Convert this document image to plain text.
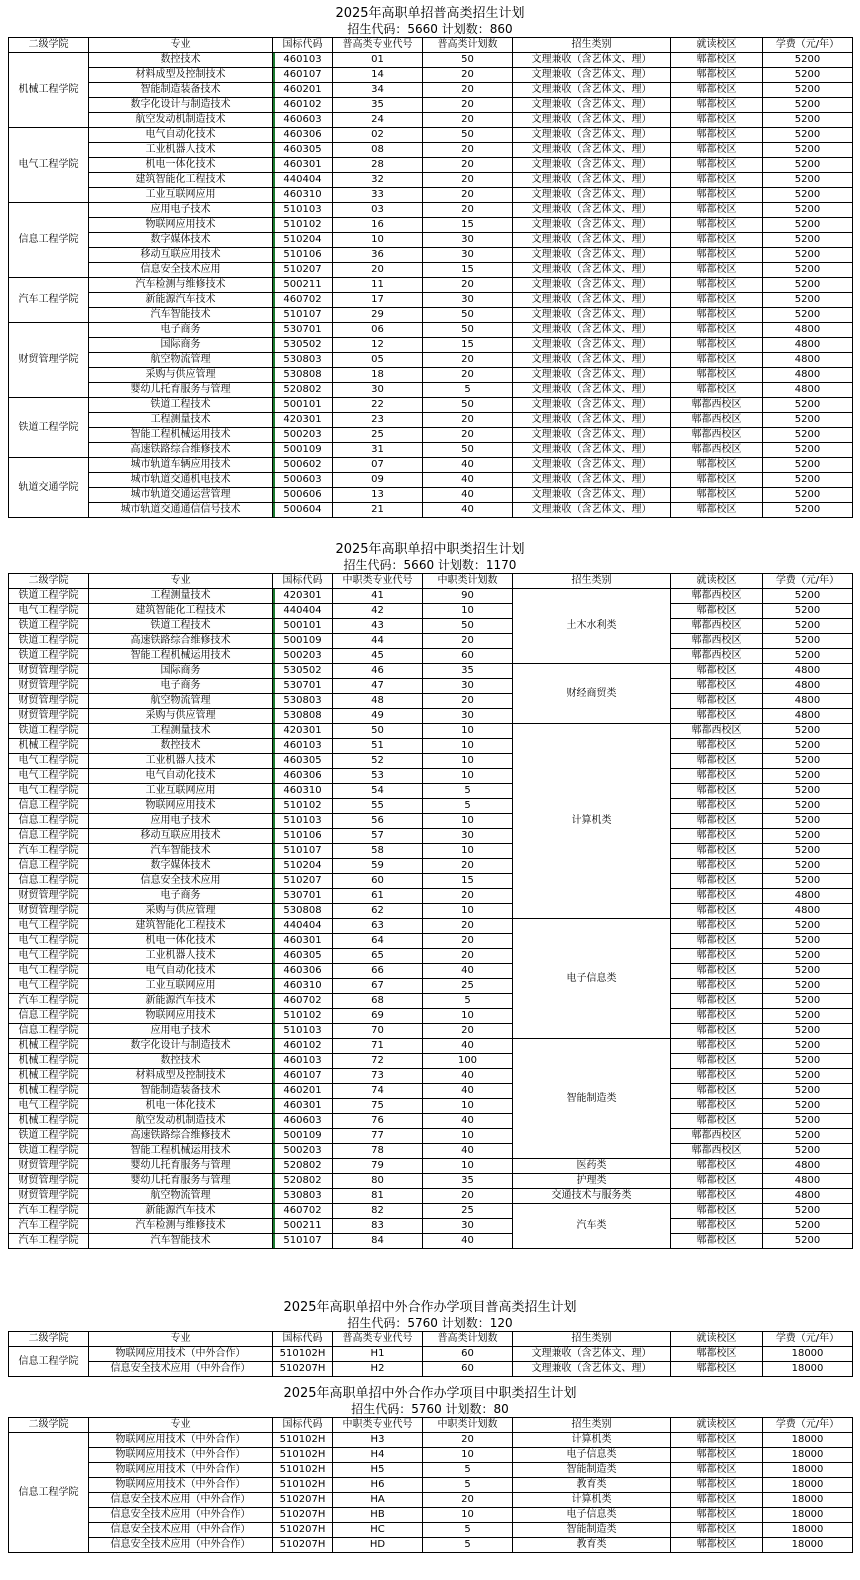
2025年高职单招普高类招生计划
招生代码：5660 计划数：860
二级学院	专业	国标代码	普高类专业代号	普高类计划数	招生类别	就读校区	学费（元/年）
机械工程学院	数控技术	460103	01	50	文理兼收（含艺体文、理）	郫都校区	5200
	材料成型及控制技术	460107	14	20	文理兼收（含艺体文、理）	郫都校区	5200
	智能制造装备技术	460201	34	20	文理兼收（含艺体文、理）	郫都校区	5200
	数字化设计与制造技术	460102	35	20	文理兼收（含艺体文、理）	郫都校区	5200
	航空发动机制造技术	460603	24	20	文理兼收（含艺体文、理）	郫都校区	5200
电气工程学院	电气自动化技术	460306	02	50	文理兼收（含艺体文、理）	郫都校区	5200
	工业机器人技术	460305	08	20	文理兼收（含艺体文、理）	郫都校区	5200
	机电一体化技术	460301	28	20	文理兼收（含艺体文、理）	郫都校区	5200
	建筑智能化工程技术	440404	32	20	文理兼收（含艺体文、理）	郫都校区	5200
	工业互联网应用	460310	33	20	文理兼收（含艺体文、理）	郫都校区	5200
信息工程学院	应用电子技术	510103	03	20	文理兼收（含艺体文、理）	郫都校区	5200
	物联网应用技术	510102	16	15	文理兼收（含艺体文、理）	郫都校区	5200
	数字媒体技术	510204	10	30	文理兼收（含艺体文、理）	郫都校区	5200
	移动互联应用技术	510106	36	30	文理兼收（含艺体文、理）	郫都校区	5200
	信息安全技术应用	510207	20	15	文理兼收（含艺体文、理）	郫都校区	5200
汽车工程学院	汽车检测与维修技术	500211	11	20	文理兼收（含艺体文、理）	郫都校区	5200
	新能源汽车技术	460702	17	30	文理兼收（含艺体文、理）	郫都校区	5200
	汽车智能技术	510107	29	50	文理兼收（含艺体文、理）	郫都校区	5200
财贸管理学院	电子商务	530701	06	50	文理兼收（含艺体文、理）	郫都校区	4800
	国际商务	530502	12	15	文理兼收（含艺体文、理）	郫都校区	4800
	航空物流管理	530803	05	20	文理兼收（含艺体文、理）	郫都校区	4800
	采购与供应管理	530808	18	20	文理兼收（含艺体文、理）	郫都校区	4800
	婴幼儿托育服务与管理	520802	30	5	文理兼收（含艺体文、理）	郫都校区	4800
铁道工程学院	铁道工程技术	500101	22	50	文理兼收（含艺体文、理）	郫都西校区	5200
	工程测量技术	420301	23	20	文理兼收（含艺体文、理）	郫都西校区	5200
	智能工程机械运用技术	500203	25	20	文理兼收（含艺体文、理）	郫都西校区	5200
	高速铁路综合维修技术	500109	31	50	文理兼收（含艺体文、理）	郫都西校区	5200
轨道交通学院	城市轨道车辆应用技术	500602	07	40	文理兼收（含艺体文、理）	郫都校区	5200
	城市轨道交通机电技术	500603	09	40	文理兼收（含艺体文、理）	郫都校区	5200
	城市轨道交通运营管理	500606	13	40	文理兼收（含艺体文、理）	郫都校区	5200
	城市轨道交通通信信号技术	500604	21	40	文理兼收（含艺体文、理）	郫都校区	5200
2025年高职单招中职类招生计划
招生代码：5660 计划数：1170
二级学院	专业	国标代码	中职类专业代号	中职类计划数	招生类别	就读校区	学费（元/年）
铁道工程学院	工程测量技术	420301	41	90	土木水利类	郫都西校区	5200
电气工程学院	建筑智能化工程技术	440404	42	10		郫都校区	5200
铁道工程学院	铁道工程技术	500101	43	50		郫都西校区	5200
铁道工程学院	高速铁路综合维修技术	500109	44	20		郫都西校区	5200
铁道工程学院	智能工程机械运用技术	500203	45	60		郫都西校区	5200
财贸管理学院	国际商务	530502	46	35	财经商贸类	郫都校区	4800
财贸管理学院	电子商务	530701	47	30		郫都校区	4800
财贸管理学院	航空物流管理	530803	48	20		郫都校区	4800
财贸管理学院	采购与供应管理	530808	49	30		郫都校区	4800
铁道工程学院	工程测量技术	420301	50	10	计算机类	郫都西校区	5200
机械工程学院	数控技术	460103	51	10		郫都校区	5200
电气工程学院	工业机器人技术	460305	52	10		郫都校区	5200
电气工程学院	电气自动化技术	460306	53	10		郫都校区	5200
电气工程学院	工业互联网应用	460310	54	5		郫都校区	5200
信息工程学院	物联网应用技术	510102	55	5		郫都校区	5200
信息工程学院	应用电子技术	510103	56	10		郫都校区	5200
信息工程学院	移动互联应用技术	510106	57	30		郫都校区	5200
汽车工程学院	汽车智能技术	510107	58	10		郫都校区	5200
信息工程学院	数字媒体技术	510204	59	20		郫都校区	5200
信息工程学院	信息安全技术应用	510207	60	15		郫都校区	5200
财贸管理学院	电子商务	530701	61	20		郫都校区	4800
财贸管理学院	采购与供应管理	530808	62	10		郫都校区	4800
电气工程学院	建筑智能化工程技术	440404	63	20	电子信息类	郫都校区	5200
电气工程学院	机电一体化技术	460301	64	20		郫都校区	5200
电气工程学院	工业机器人技术	460305	65	20		郫都校区	5200
电气工程学院	电气自动化技术	460306	66	40		郫都校区	5200
电气工程学院	工业互联网应用	460310	67	25		郫都校区	5200
汽车工程学院	新能源汽车技术	460702	68	5		郫都校区	5200
信息工程学院	物联网应用技术	510102	69	10		郫都校区	5200
信息工程学院	应用电子技术	510103	70	20		郫都校区	5200
机械工程学院	数字化设计与制造技术	460102	71	40	智能制造类	郫都校区	5200
机械工程学院	数控技术	460103	72	100		郫都校区	5200
机械工程学院	材料成型及控制技术	460107	73	40		郫都校区	5200
机械工程学院	智能制造装备技术	460201	74	40		郫都校区	5200
电气工程学院	机电一体化技术	460301	75	10		郫都校区	5200
机械工程学院	航空发动机制造技术	460603	76	40		郫都校区	5200
铁道工程学院	高速铁路综合维修技术	500109	77	10		郫都西校区	5200
铁道工程学院	智能工程机械运用技术	500203	78	40		郫都西校区	5200
财贸管理学院	婴幼儿托育服务与管理	520802	79	10	医药类	郫都校区	4800
财贸管理学院	婴幼儿托育服务与管理	520802	80	35	护理类	郫都校区	4800
财贸管理学院	航空物流管理	530803	81	20	交通技术与服务类	郫都校区	4800
汽车工程学院	新能源汽车技术	460702	82	25	汽车类	郫都校区	5200
汽车工程学院	汽车检测与维修技术	500211	83	30		郫都校区	5200
汽车工程学院	汽车智能技术	510107	84	40		郫都校区	5200
2025年高职单招中外合作办学项目普高类招生计划
招生代码：5760 计划数：120
二级学院	专业	国标代码	普高类专业代号	普高类计划数	招生类别	就读校区	学费（元/年）
信息工程学院	物联网应用技术（中外合作）	510102H	H1	60	文理兼收（含艺体文、理）	郫都校区	18000
	信息安全技术应用（中外合作）	510207H	H2	60	文理兼收（含艺体文、理）	郫都校区	18000
2025年高职单招中外合作办学项目中职类招生计划
招生代码：5760 计划数：80
二级学院	专业	国标代码	中职类专业代号	中职类计划数	招生类别	就读校区	学费（元/年）
信息工程学院	物联网应用技术（中外合作）	510102H	H3	20	计算机类	郫都校区	18000
	物联网应用技术（中外合作）	510102H	H4	10	电子信息类	郫都校区	18000
	物联网应用技术（中外合作）	510102H	H5	5	智能制造类	郫都校区	18000
	物联网应用技术（中外合作）	510102H	H6	5	教育类	郫都校区	18000
	信息安全技术应用（中外合作）	510207H	HA	20	计算机类	郫都校区	18000
	信息安全技术应用（中外合作）	510207H	HB	10	电子信息类	郫都校区	18000
	信息安全技术应用（中外合作）	510207H	HC	5	智能制造类	郫都校区	18000
	信息安全技术应用（中外合作）	510207H	HD	5	教育类	郫都校区	18000
